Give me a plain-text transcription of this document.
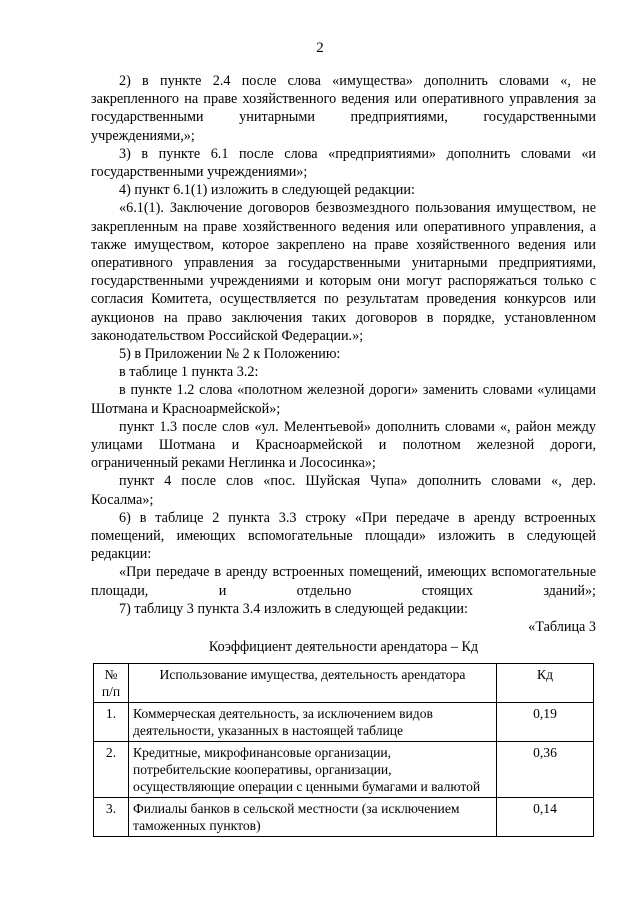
2

2) в пункте 2.4 после слова «имущества» дополнить словами «, не закрепленного на праве хозяйственного ведения или оперативного управления за государственными унитарными предприятиями, государственными учреждениями,»;

3) в пункте 6.1 после слова «предприятиями» дополнить словами «и государственными учреждениями»;

4) пункт 6.1(1) изложить в следующей редакции:

«6.1(1). Заключение договоров безвозмездного пользования имуществом, не закрепленным на праве хозяйственного ведения или оперативного управления, а также имуществом, которое закреплено на праве хозяйственного ведения или оперативного управления за государственными унитарными предприятиями, государственными учреждениями и которым они могут распоряжаться только с согласия Комитета, осуществляется по результатам проведения конкурсов или аукционов на право заключения таких договоров в порядке, установленном законодательством Российской Федерации.»;

5) в Приложении № 2 к Положению:

в таблице 1 пункта 3.2:

в пункте 1.2 слова «полотном железной дороги» заменить словами «улицами Шотмана и Красноармейской»;

пункт 1.3 после слов «ул. Мелентьевой» дополнить словами «, район между улицами Шотмана и Красноармейской и полотном железной дороги, ограниченный реками Неглинка и Лососинка»;

пункт 4 после слов «пос. Шуйская Чупа» дополнить словами «, дер. Косалма»;

6) в таблице 2 пункта 3.3 строку «При передаче в аренду встроенных помещений, имеющих вспомогательные площади» изложить в следующей редакции:

«При передаче в аренду встроенных помещений, имеющих вспомогательные площади, и отдельно стоящих зданий»;

7) таблицу 3 пункта 3.4 изложить в следующей редакции:

«Таблица 3

Коэффициент деятельности арендатора – Кд

№ п/п	Использование имущества, деятельность арендатора	Кд
1.	Коммерческая деятельность, за исключением видов деятельности, указанных в настоящей таблице	0,19
2.	Кредитные, микрофинансовые организации, потребительские кооперативы, организации, осуществляющие операции с ценными бумагами и валютой	0,36
3.	Филиалы банков в сельской местности (за исключением таможенных пунктов)	0,14
